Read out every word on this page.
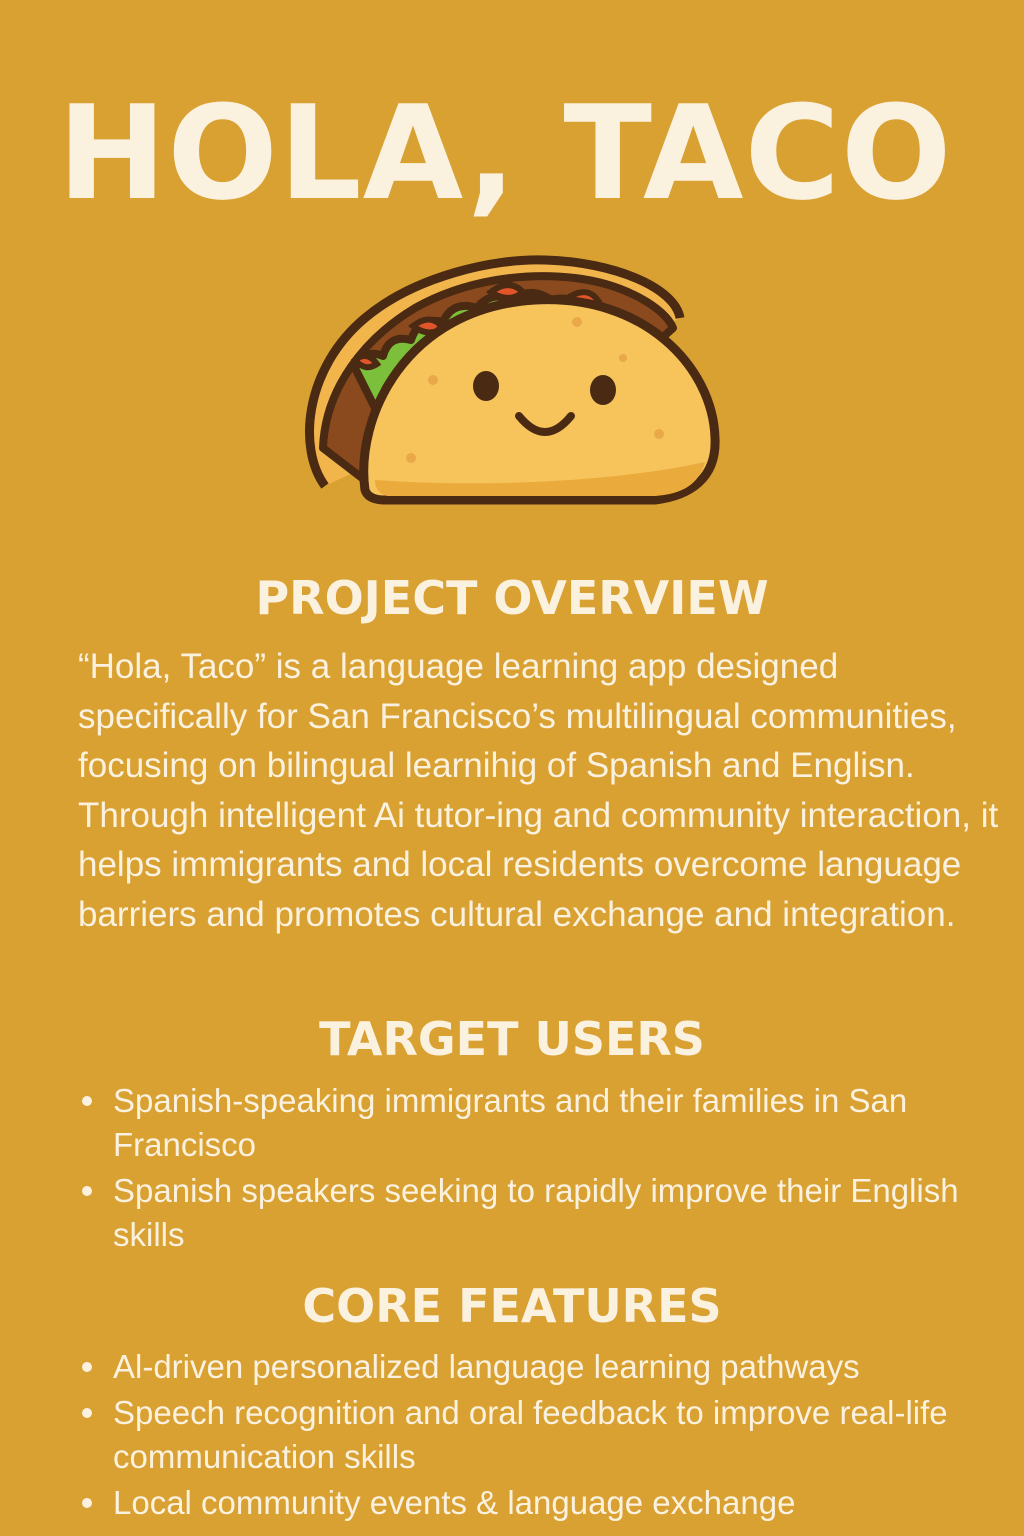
HOLA, TACO
PROJECT OVERVIEW

“Hola, Taco” is a language learning app designed specifically for San Francisco’s multilingual communities, focusing on bilingual learnihig of Spanish and Englisn. Through intelligent Ai tutor-ing and community interaction, it helps immigrants and local residents overcome language barriers and promotes cultural exchange and integration.

TARGET USERS
Spanish-speaking immigrants and their families in San Francisco
Spanish speakers seeking to rapidly improve their English skills
CORE FEATURES
Al-driven personalized language learning pathways
Speech recognition and oral feedback to improve real-life communication skills
Local community events & language exchange
